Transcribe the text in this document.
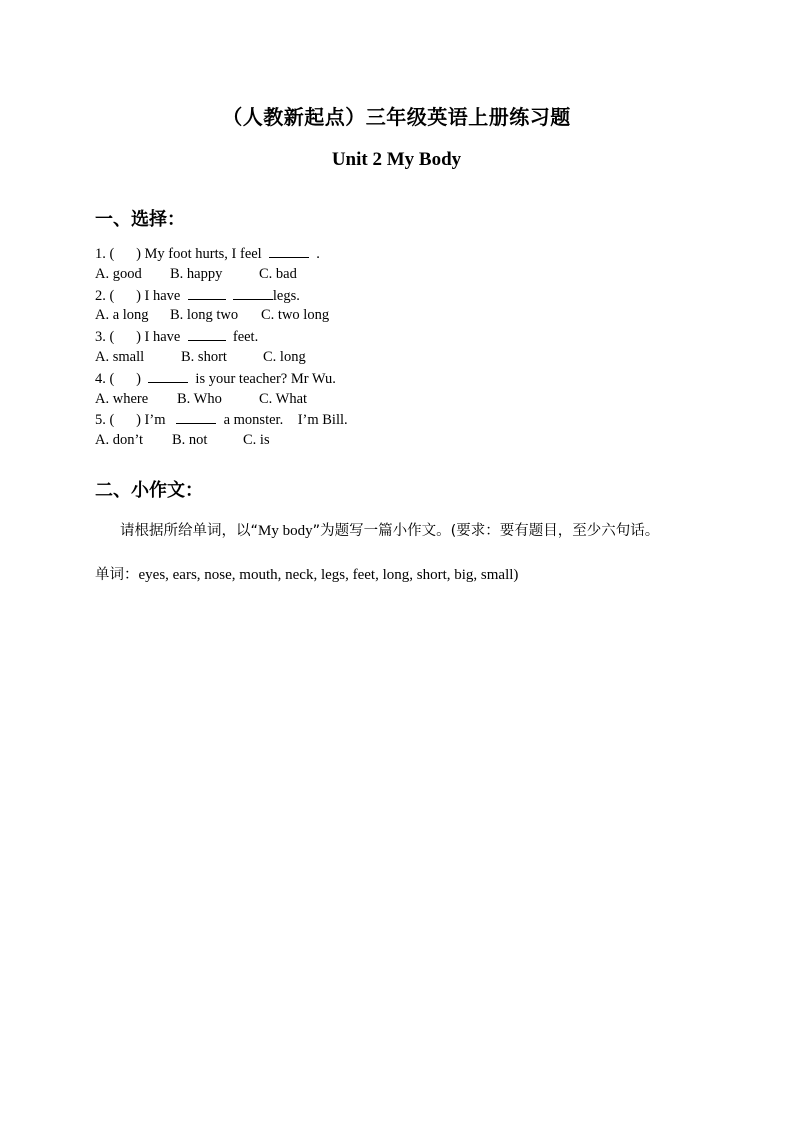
（人教新起点）三年级英语上册练习题
Unit 2 My Body
一、选择：
1. (      ) My foot hurts, I feel	.
A. good B. happy	C. bad
2. (      ) I have	legs.
A. a long B. long two C. two long
3. (      ) I have	feet.
A. small	B. short C. long
4. (      )	is your teacher? Mr Wu.
A. where B. Who	C. What
5. (      ) I’m	a monster.    I’m Bill.
A. don’t B. not C. is
二、小作文：
请根据所给单词，以“My body”为题写一篇小作文。(要求：要有题目，至少六句话。
单词：eyes, ears, nose, mouth, neck, legs, feet, long, short, big, small)
